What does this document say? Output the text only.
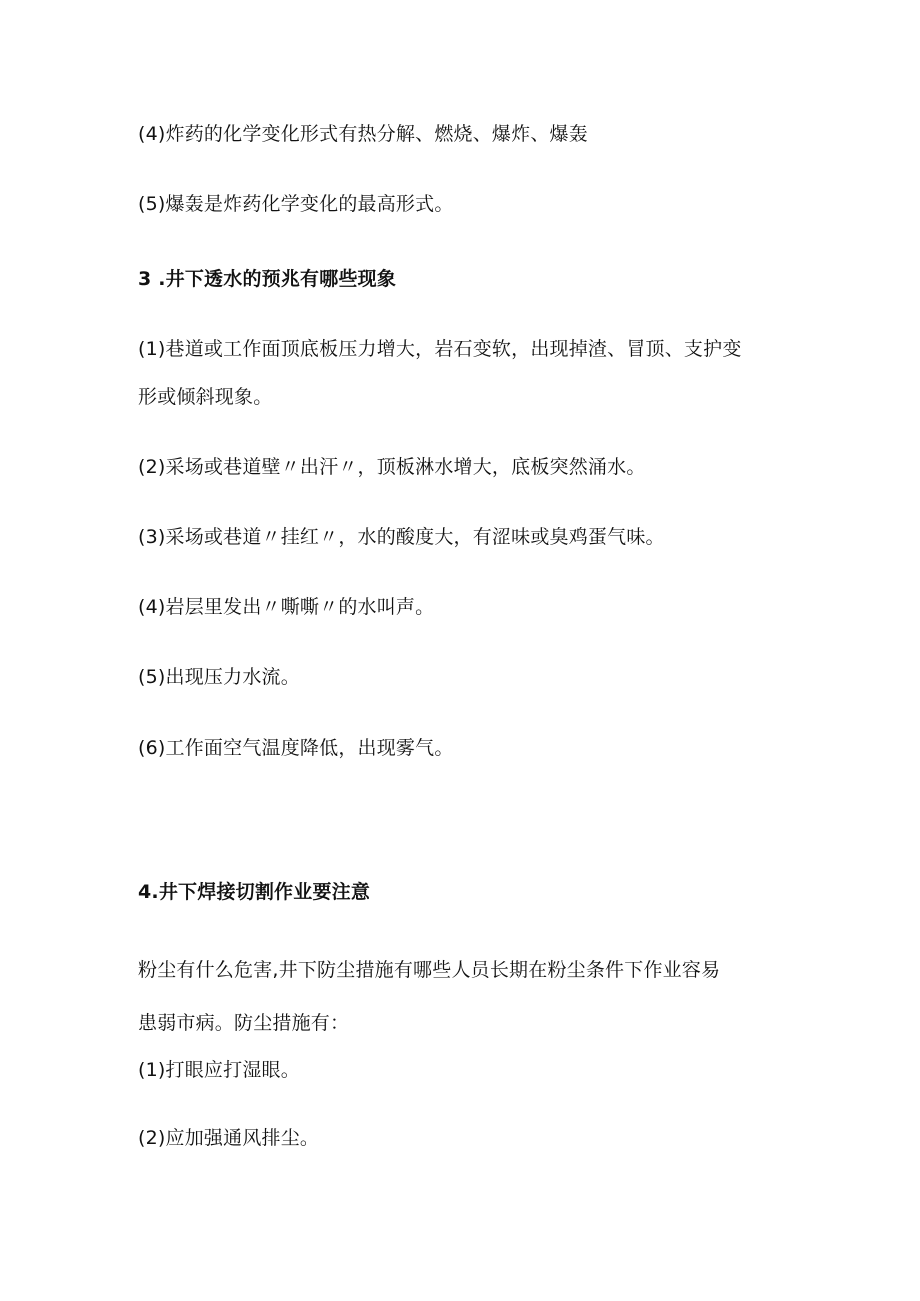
(4)炸药的化学变化形式有热分解、燃烧、爆炸、爆轰
(5)爆轰是炸药化学变化的最高形式。
3 .井下透水的预兆有哪些现象
(1)巷道或工作面顶底板压力增大，岩石变软，出现掉渣、冒顶、支护变
形或倾斜现象。
(2)采场或巷道壁〃出汗〃，顶板淋水增大，底板突然涌水。
(3)采场或巷道〃挂红〃，水的酸度大，有涩味或臭鸡蛋气味。
(4)岩层里发出〃嘶嘶〃的水叫声。
(5)出现压力水流。
(6)工作面空气温度降低，出现雾气。
4.井下焊接切割作业要注意
粉尘有什么危害,井下防尘措施有哪些人员长期在粉尘条件下作业容易
患弱市病。防尘措施有：
(1)打眼应打湿眼。
(2)应加强通风排尘。
